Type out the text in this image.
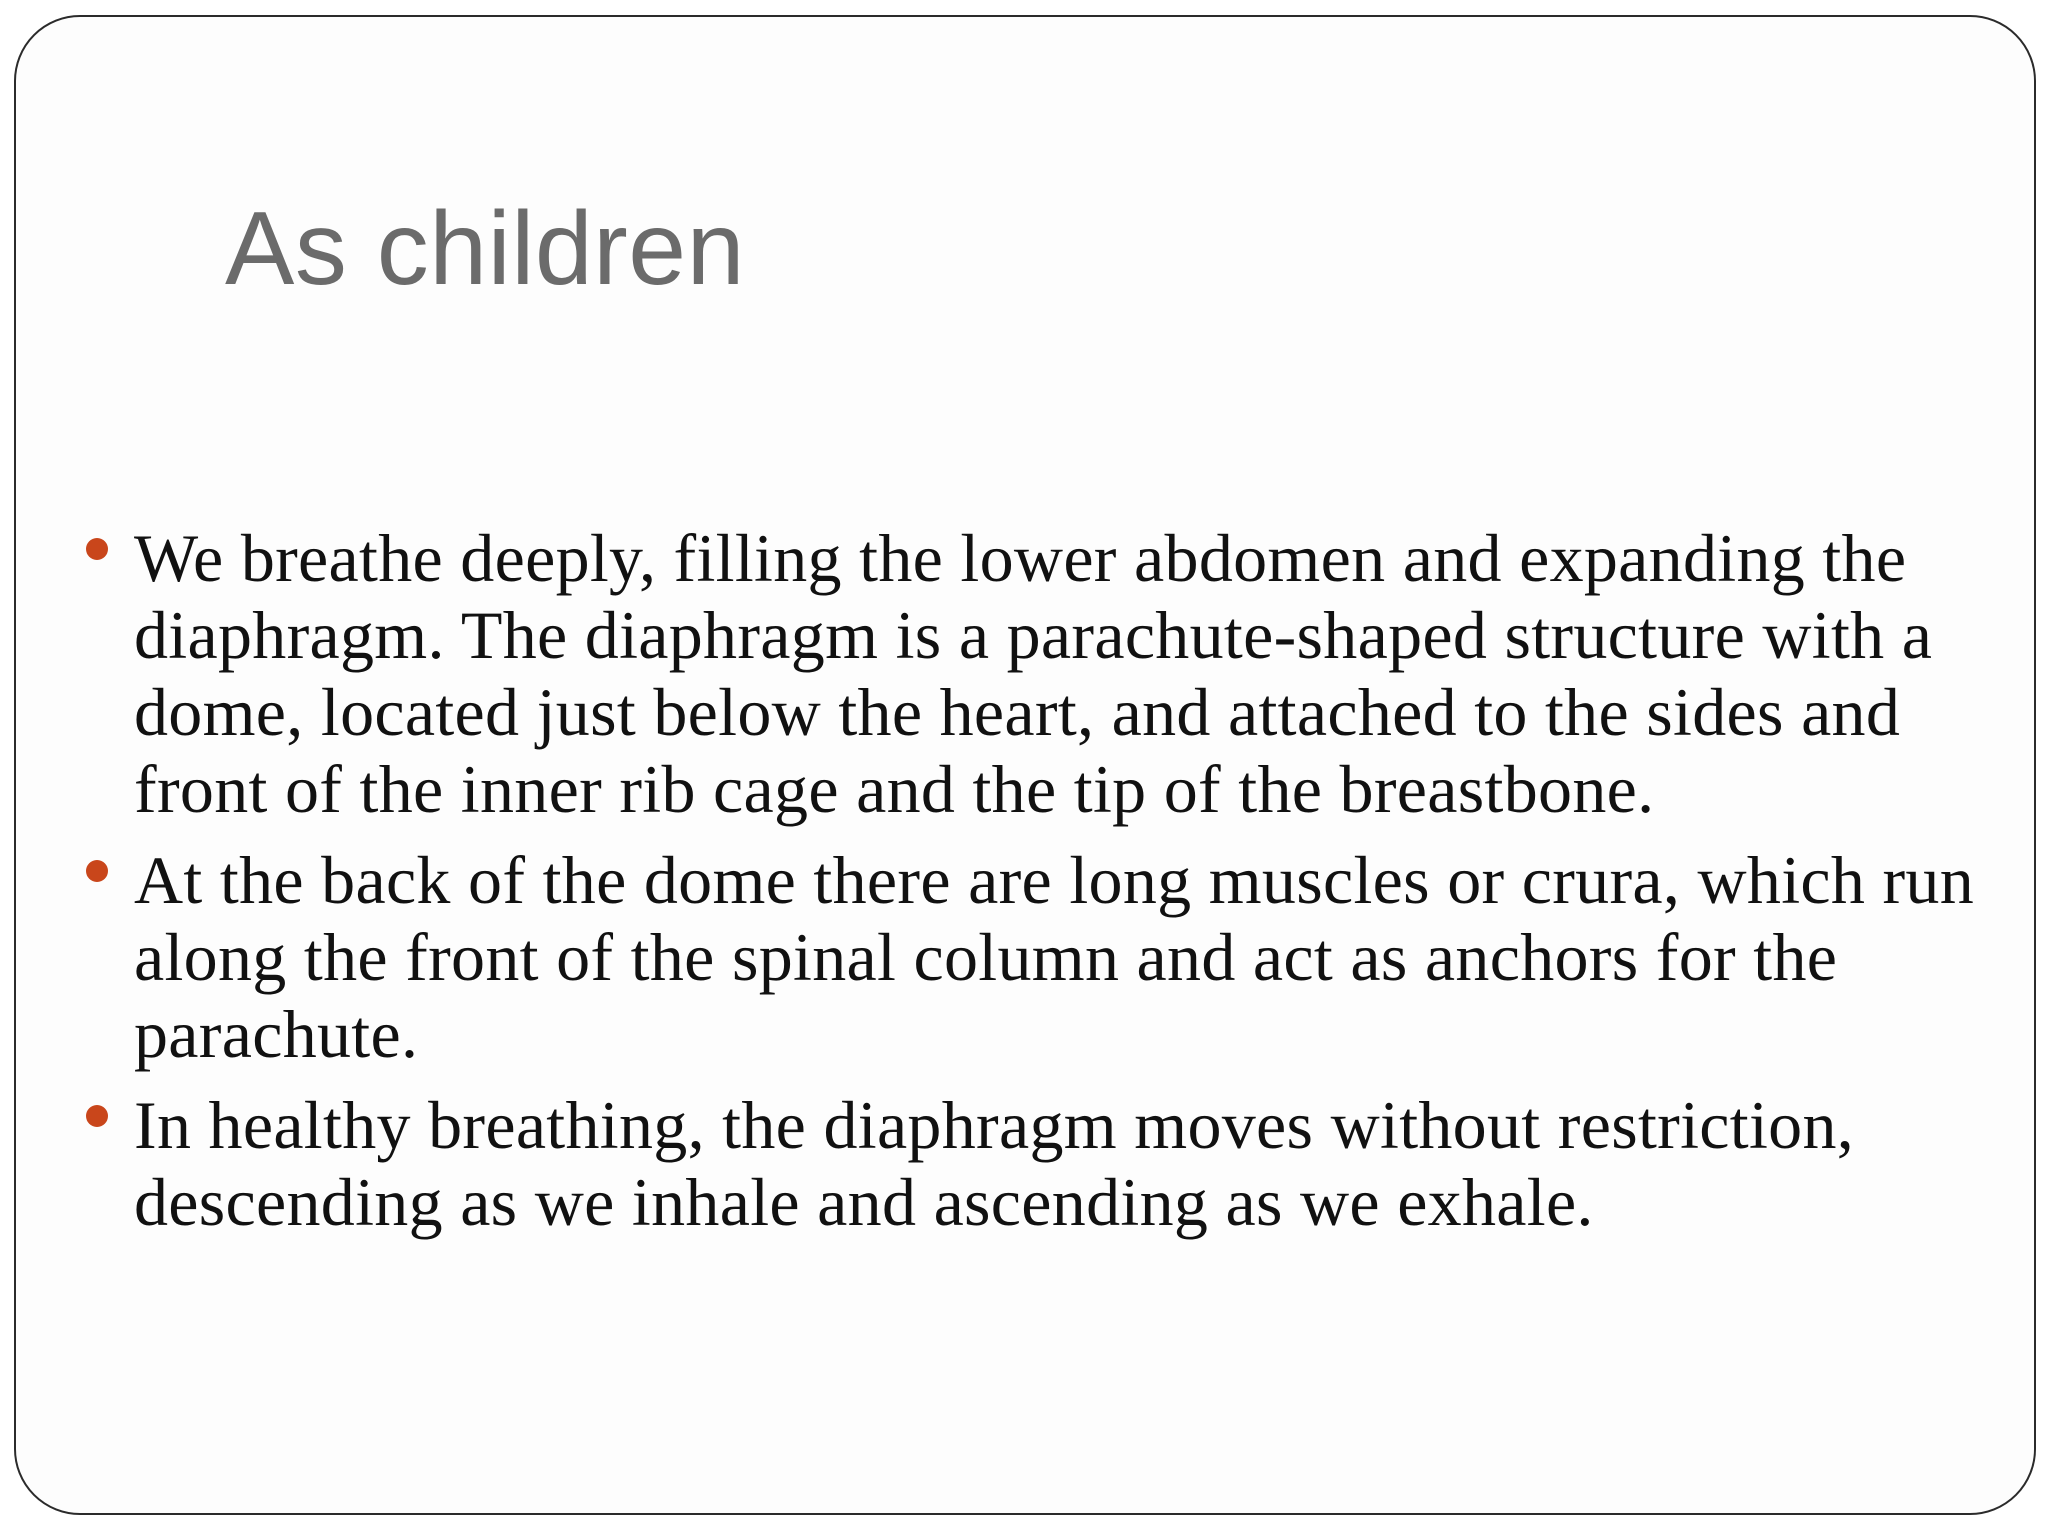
As children
We breathe deeply, filling the lower abdomen and expanding the diaphragm. The diaphragm is a parachute-shaped structure with a dome, located just below the heart, and attached to the sides and front of the inner rib cage and the tip of the breastbone.
At the back of the dome there are long muscles or crura, which run along the front of the spinal column and act as anchors for the parachute.
In healthy breathing, the diaphragm moves without restriction, descending as we inhale and ascending as we exhale.
